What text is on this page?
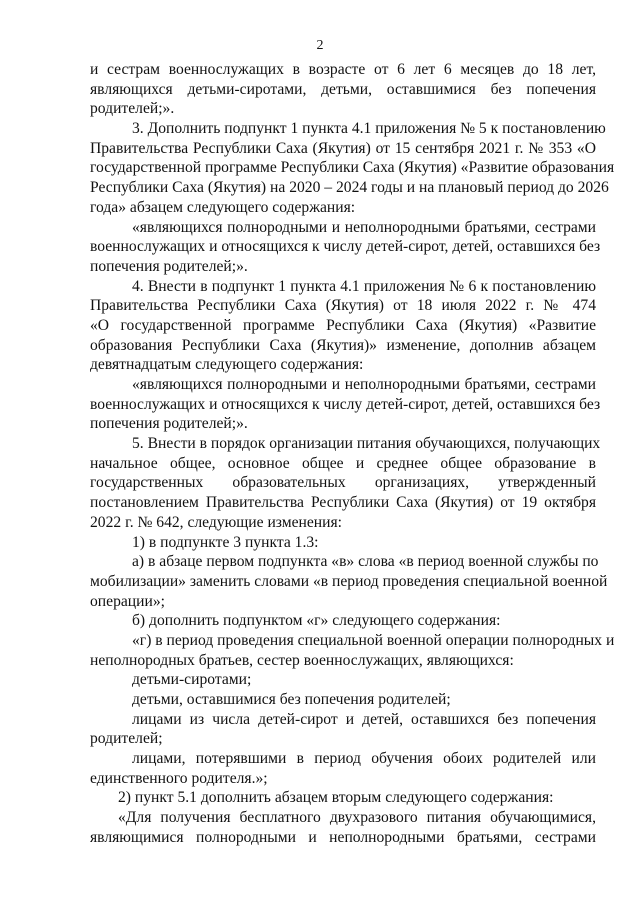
2
и сестрам военнослужащих в возрасте от 6 лет 6 месяцев до 18 лет,
являющихся детьми-сиротами, детьми, оставшимися без попечения
родителей;».
3. Дополнить подпункт 1 пункта 4.1 приложения № 5 к постановлению
Правительства Республики Саха (Якутия) от 15 сентября 2021 г. № 353 «О
государственной программе Республики Саха (Якутия) «Развитие образования
Республики Саха (Якутия) на 2020 – 2024 годы и на плановый период до 2026
года» абзацем следующего содержания:
«являющихся полнородными и неполнородными братьями, сестрами
военнослужащих и относящихся к числу детей-сирот, детей, оставшихся без
попечения родителей;».
4. Внести в подпункт 1 пункта 4.1 приложения № 6 к постановлению
Правительства Республики Саха (Якутия) от 18 июля 2022 г. № 474
«О государственной программе Республики Саха (Якутия) «Развитие
образования Республики Саха (Якутия)» изменение, дополнив абзацем
девятнадцатым следующего содержания:
«являющихся полнородными и неполнородными братьями, сестрами
военнослужащих и относящихся к числу детей-сирот, детей, оставшихся без
попечения родителей;».
5. Внести в порядок организации питания обучающихся, получающих
начальное общее, основное общее и среднее общее образование в
государственных образовательных организациях, утвержденный
постановлением Правительства Республики Саха (Якутия) от 19 октября
2022 г. № 642, следующие изменения:
1) в подпункте 3 пункта 1.3:
а) в абзаце первом подпункта «в» слова «в период военной службы по
мобилизации» заменить словами «в период проведения специальной военной
операции»;
б) дополнить подпунктом «г» следующего содержания:
«г) в период проведения специальной военной операции полнородных и
неполнородных братьев, сестер военнослужащих, являющихся:
детьми-сиротами;
детьми, оставшимися без попечения родителей;
лицами из числа детей-сирот и детей, оставшихся без попечения
родителей;
лицами, потерявшими в период обучения обоих родителей или
единственного родителя.»;
2) пункт 5.1 дополнить абзацем вторым следующего содержания:
«Для получения бесплатного двухразового питания обучающимися,
являющимися полнородными и неполнородными братьями, сестрами
